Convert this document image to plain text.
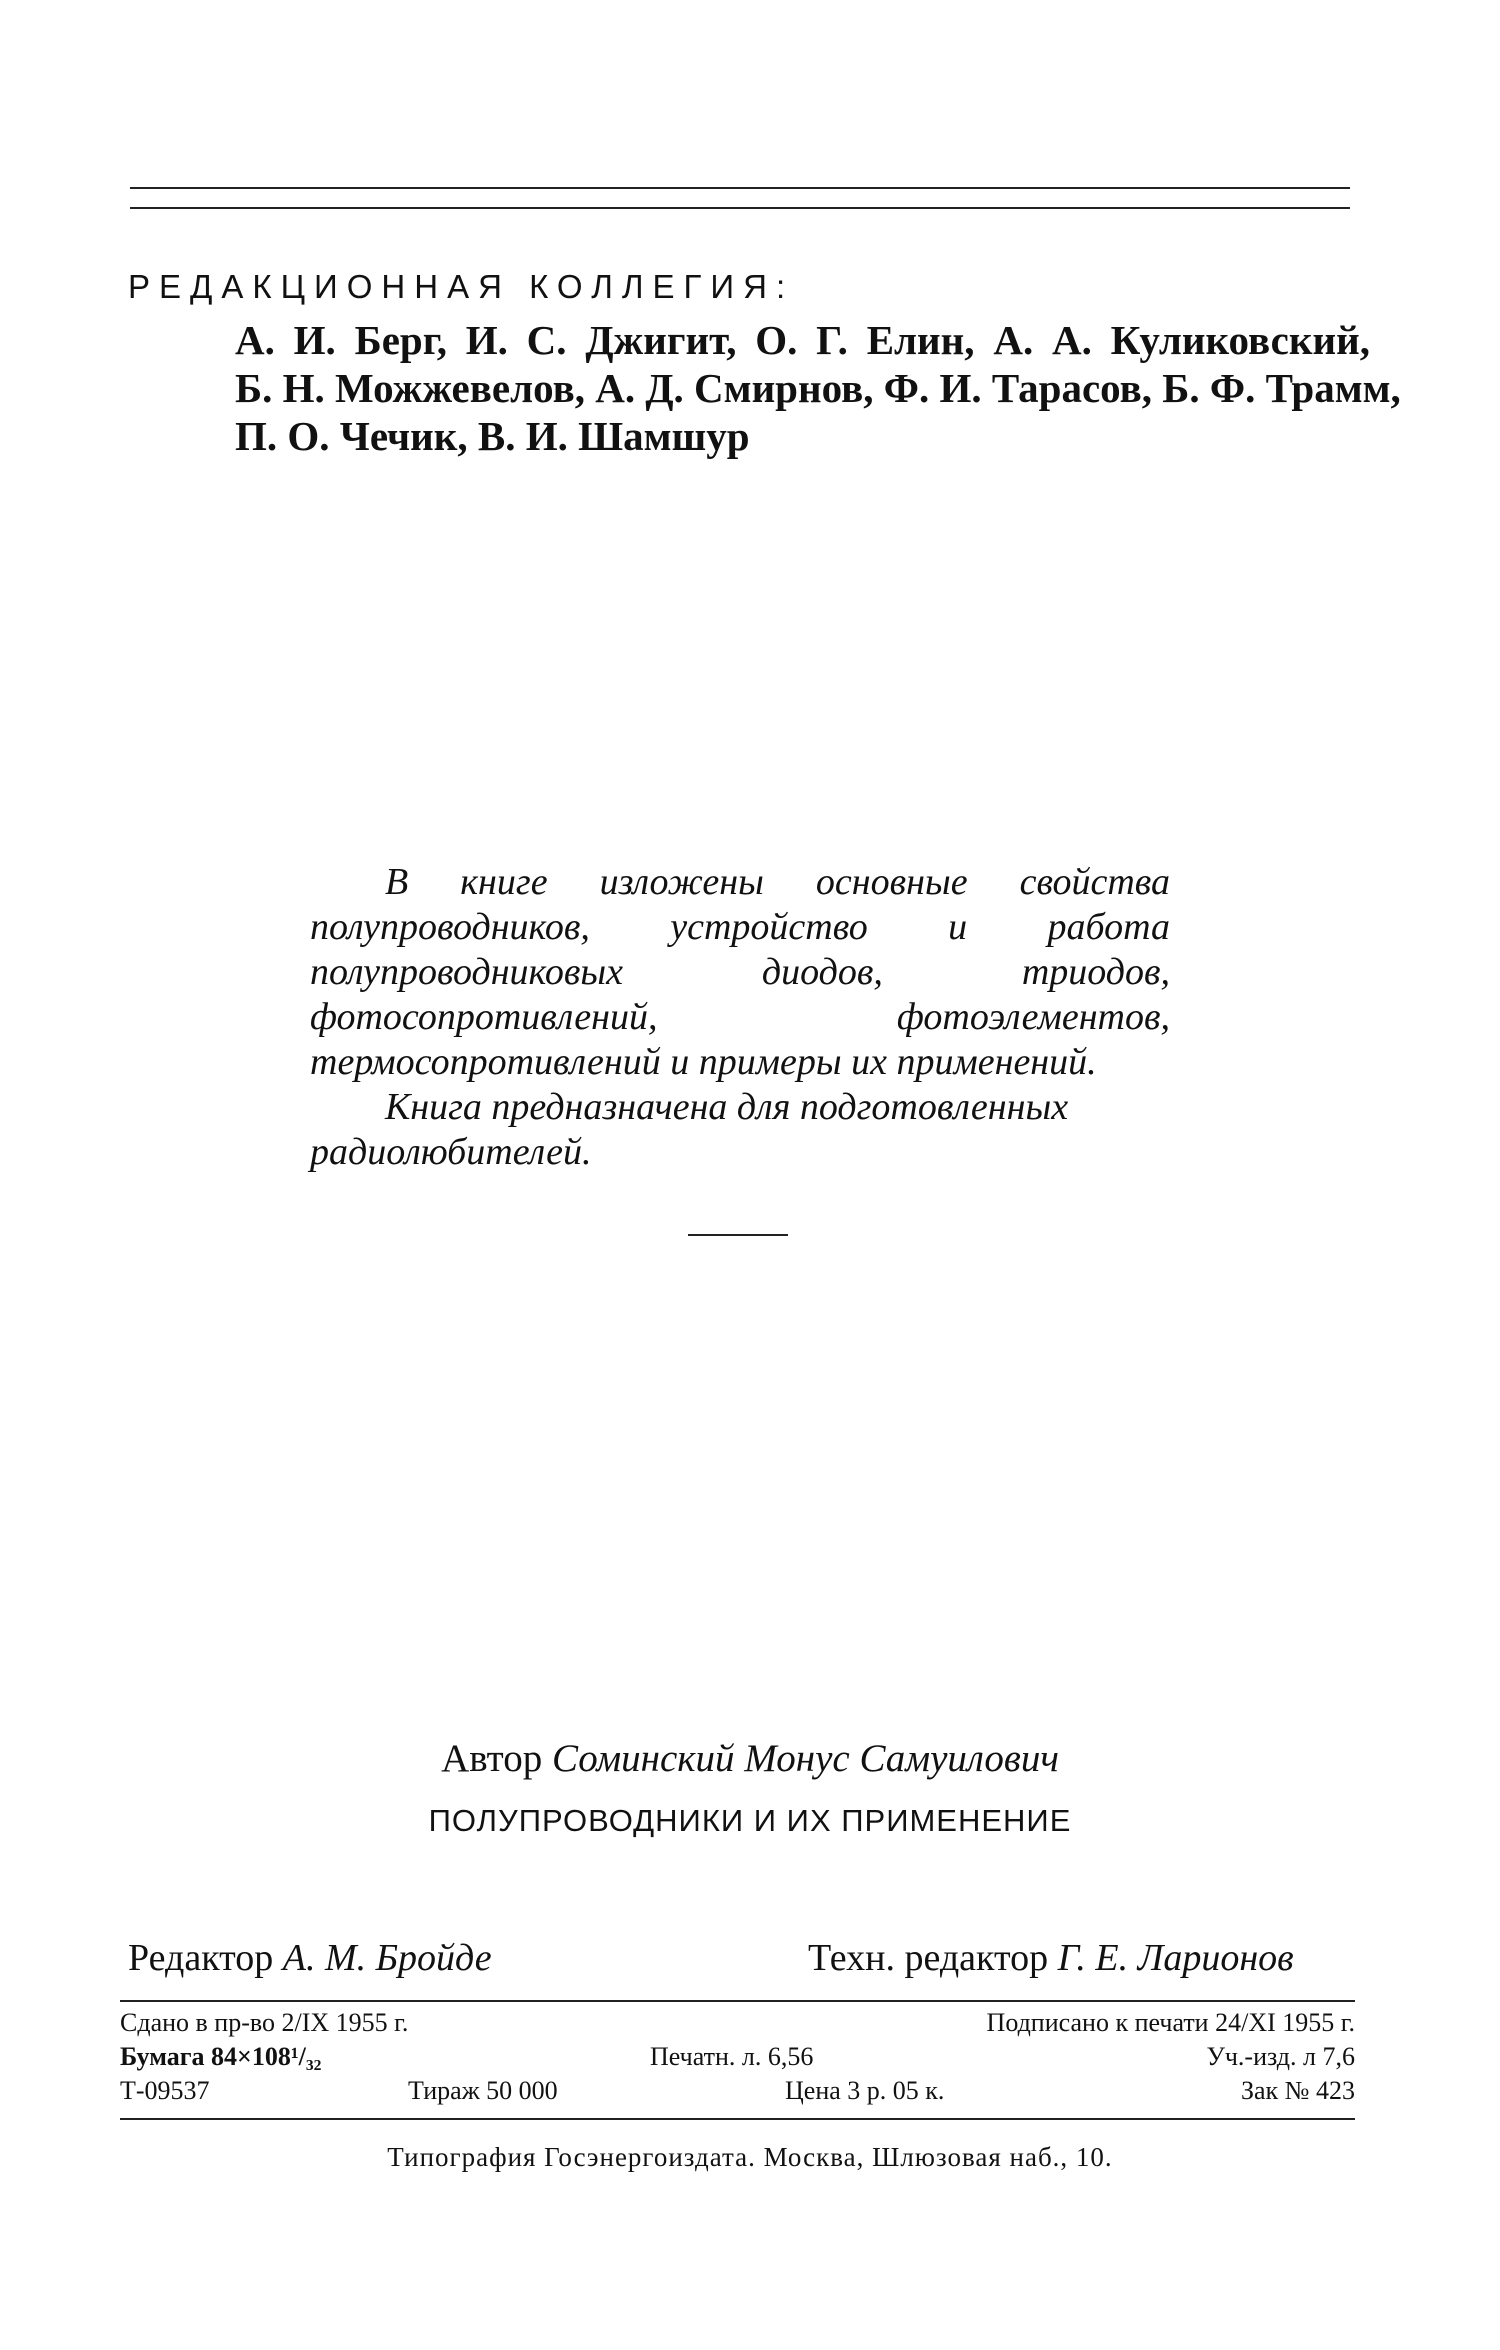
РЕДАКЦИОННАЯ КОЛЛЕГИЯ:
А. И. Берг, И. С. Джигит, О. Г. Елин, А. А. Куликовский,
Б. Н. Можжевелов, А. Д. Смирнов, Ф. И. Тарасов, Б. Ф. Трамм,
П. О. Чечик, В. И. Шамшур

В книге изложены основные свойства полупроводников, устройство и работа полупроводниковых диодов, триодов, фотосопротивлений, фотоэлементов, термосопротивлений и примеры их применений.

Книга предназначена для подготовленных радиолюбителей.

Автор Соминский Монус Самуилович
ПОЛУПРОВОДНИКИ И ИХ ПРИМЕНЕНИЕ
Редактор А. М. Бройде	Техн. редактор Г. Е. Ларионов
Сдано в пр-во 2/IX 1955 г.	Подписано к печати 24/XI 1955 г.
Бумага 84×108¹/₃₂	Печатн. л. 6,56	Уч.-изд. л 7,6
Т-09537	Тираж 50 000	Цена 3 р. 05 к.	Зак № 423
Типография Госэнергоиздата. Москва, Шлюзовая наб., 10.
